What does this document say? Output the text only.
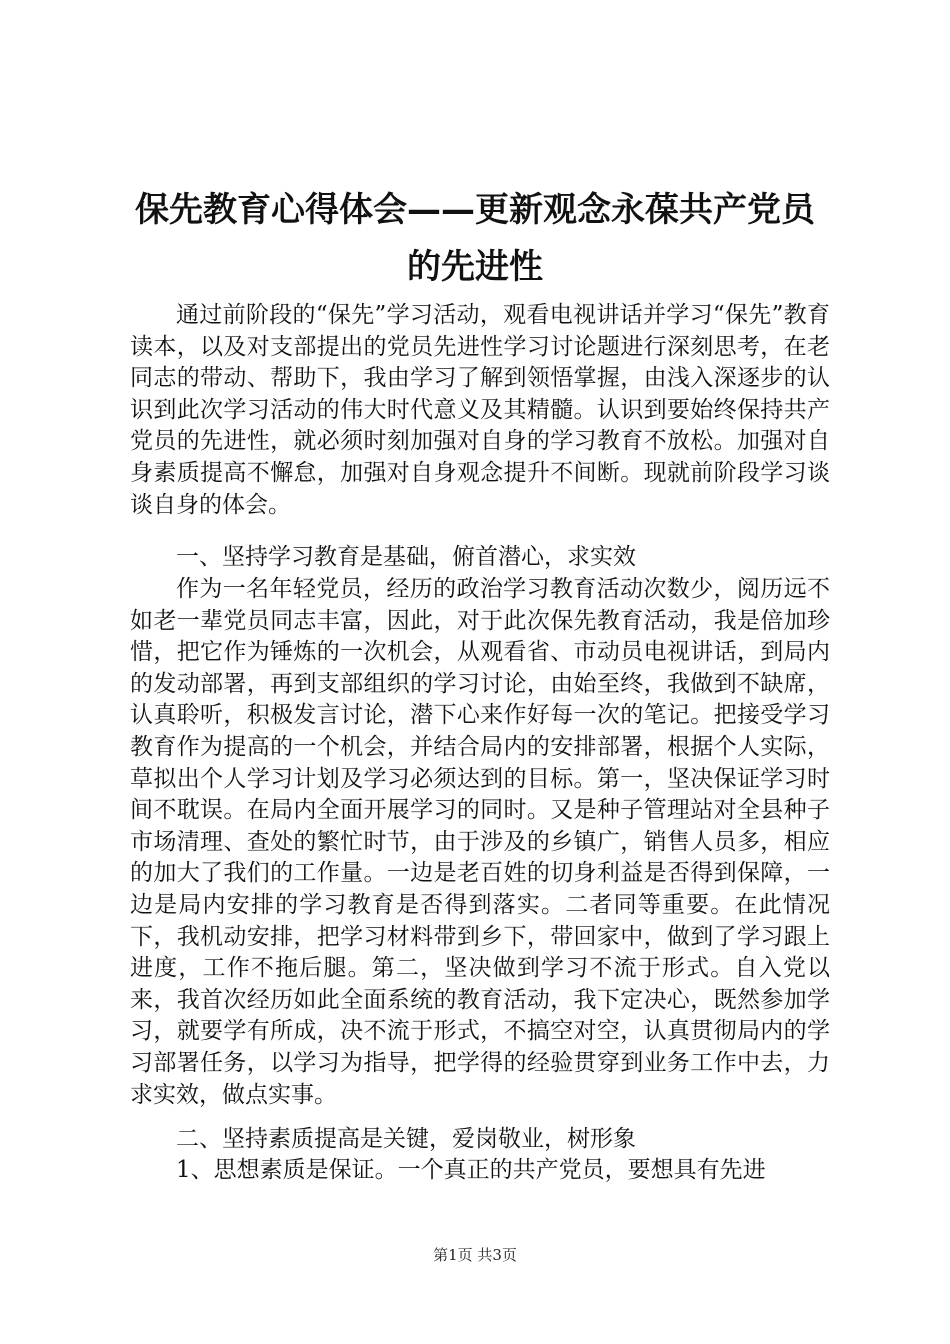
保先教育心得体会——更新观念永葆共产党员的先进性

通过前阶段的“保先”学习活动，观看电视讲话并学习“保先”教育读本，以及对支部提出的党员先进性学习讨论题进行深刻思考，在老同志的带动、帮助下，我由学习了解到领悟掌握，由浅入深逐步的认识到此次学习活动的伟大时代意义及其精髓。认识到要始终保持共产党员的先进性，就必须时刻加强对自身的学习教育不放松。加强对自身素质提高不懈怠，加强对自身观念提升不间断。现就前阶段学习谈谈自身的体会。

一、坚持学习教育是基础，俯首潜心，求实效

作为一名年轻党员，经历的政治学习教育活动次数少，阅历远不如老一辈党员同志丰富，因此，对于此次保先教育活动，我是倍加珍惜，把它作为锤炼的一次机会，从观看省、市动员电视讲话，到局内的发动部署，再到支部组织的学习讨论，由始至终，我做到不缺席，认真聆听，积极发言讨论，潜下心来作好每一次的笔记。把接受学习教育作为提高的一个机会，并结合局内的安排部署，根据个人实际，草拟出个人学习计划及学习必须达到的目标。第一，坚决保证学习时间不耽误。在局内全面开展学习的同时。又是种子管理站对全县种子市场清理、查处的繁忙时节，由于涉及的乡镇广，销售人员多，相应的加大了我们的工作量。一边是老百姓的切身利益是否得到保障，一边是局内安排的学习教育是否得到落实。二者同等重要。在此情况下，我机动安排，把学习材料带到乡下，带回家中，做到了学习跟上进度，工作不拖后腿。第二，坚决做到学习不流于形式。自入党以来，我首次经历如此全面系统的教育活动，我下定决心，既然参加学习，就要学有所成，决不流于形式，不搞空对空，认真贯彻局内的学习部署任务，以学习为指导，把学得的经验贯穿到业务工作中去，力求实效，做点实事。

二、坚持素质提高是关键，爱岗敬业，树形象

1、思想素质是保证。一个真正的共产党员，要想具有先进

第1页 共3页
